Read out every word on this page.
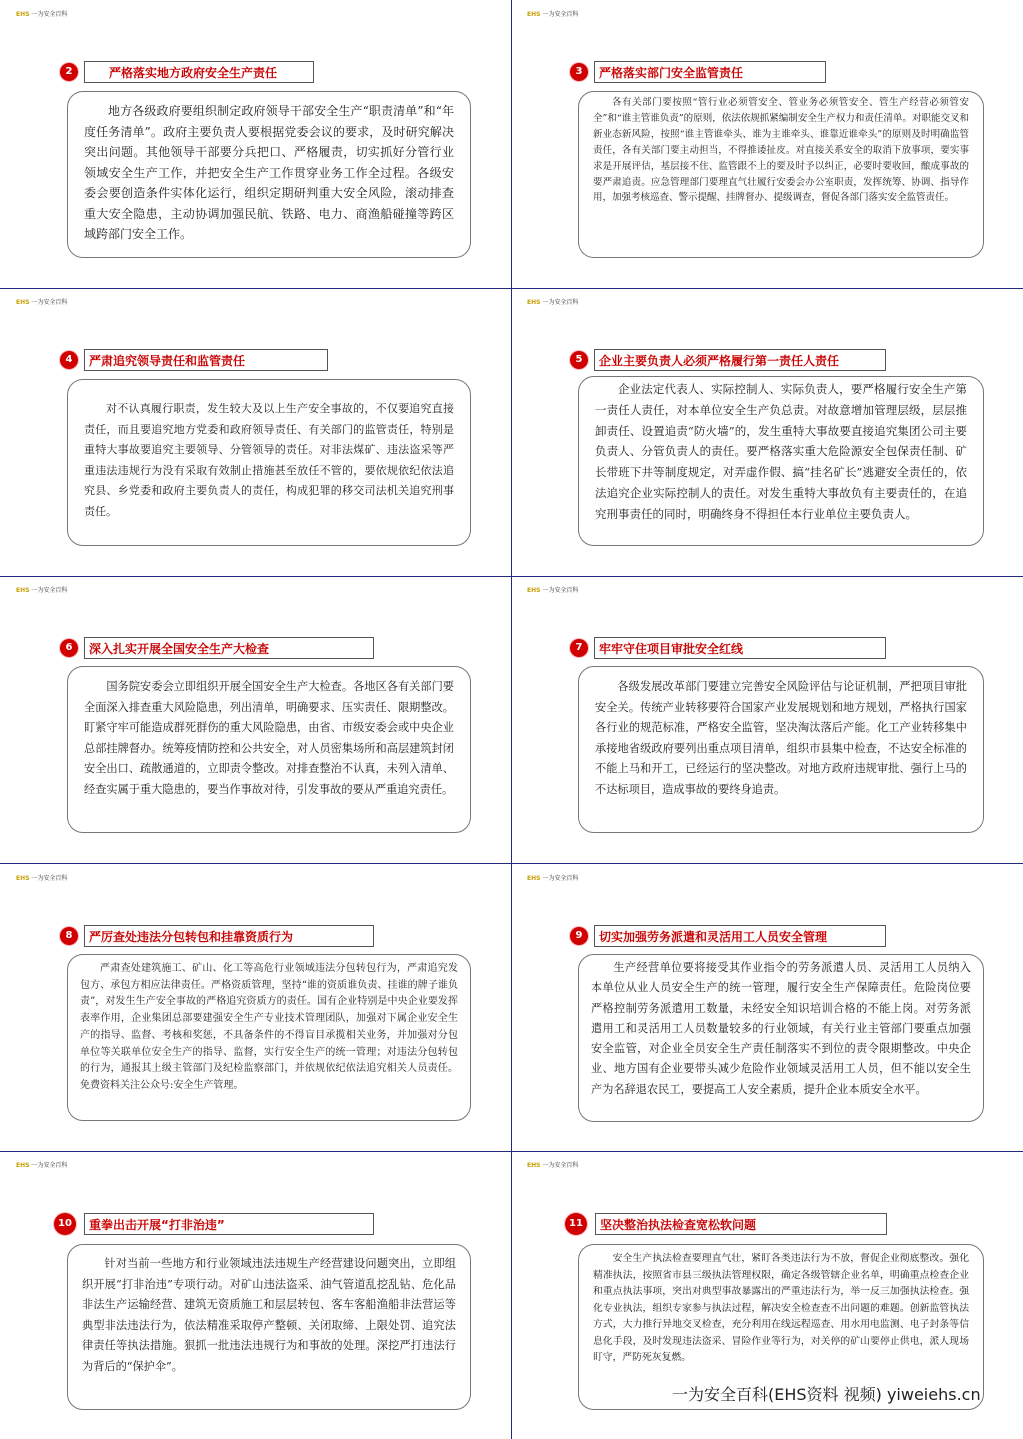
EHS 一为安全百科	EHS 一为安全百科
EHS 一为安全百科	EHS 一为安全百科
EHS 一为安全百科	EHS 一为安全百科
EHS 一为安全百科	EHS 一为安全百科
EHS 一为安全百科	EHS 一为安全百科
2	严格落实地方政府安全生产责任

地方各级政府要组织制定政府领导干部安全生产“职责清单”和“年度任务清单”。政府主要负责人要根据党委会议的要求，及时研究解决突出问题。其他领导干部要分兵把口、严格履责，切实抓好分管行业领域安全生产工作，并把安全生产工作贯穿业务工作全过程。各级安委会要创造条件实体化运行，组织定期研判重大安全风险，滚动排查重大安全隐患，主动协调加强民航、铁路、电力、商渔船碰撞等跨区域跨部门安全工作。

3	严格落实部门安全监管责任

各有关部门要按照“管行业必须管安全、管业务必须管安全、管生产经营必须管安全”和“谁主管谁负责”的原则，依法依规抓紧编制安全生产权力和责任清单。对职能交叉和新业态新风险，按照“谁主管谁牵头、谁为主谁牵头、谁靠近谁牵头”的原则及时明确监管责任，各有关部门要主动担当，不得推诿扯皮。对直接关系安全的取消下放事项，要实事求是开展评估，基层接不住、监管跟不上的要及时予以纠正，必要时要收回，酿成事故的要严肃追责。应急管理部门要理直气壮履行安委会办公室职责，发挥统筹、协调、指导作用，加强考核巡查、警示提醒、挂牌督办、提级调查，督促各部门落实安全监管责任。

4	严肃追究领导责任和监管责任

对不认真履行职责，发生较大及以上生产安全事故的，不仅要追究直接责任，而且要追究地方党委和政府领导责任、有关部门的监管责任，特别是重特大事故要追究主要领导、分管领导的责任。对非法煤矿、违法盗采等严重违法违规行为没有采取有效制止措施甚至放任不管的，要依规依纪依法追究县、乡党委和政府主要负责人的责任，构成犯罪的移交司法机关追究刑事责任。

5	企业主要负责人必须严格履行第一责任人责任

企业法定代表人、实际控制人、实际负责人，要严格履行安全生产第一责任人责任，对本单位安全生产负总责。对故意增加管理层级，层层推卸责任、设置追责“防火墙”的，发生重特大事故要直接追究集团公司主要负责人、分管负责人的责任。要严格落实重大危险源安全包保责任制、矿长带班下井等制度规定，对弄虚作假、搞“挂名矿长”逃避安全责任的，依法追究企业实际控制人的责任。对发生重特大事故负有主要责任的，在追究刑事责任的同时，明确终身不得担任本行业单位主要负责人。

6	深入扎实开展全国安全生产大检查

国务院安委会立即组织开展全国安全生产大检查。各地区各有关部门要全面深入排查重大风险隐患，列出清单，明确要求、压实责任、限期整改。盯紧守牢可能造成群死群伤的重大风险隐患，由省、市级安委会或中央企业总部挂牌督办。统筹疫情防控和公共安全，对人员密集场所和高层建筑封闭安全出口、疏散通道的，立即责令整改。对排查整治不认真，未列入清单、经查实属于重大隐患的，要当作事故对待，引发事故的要从严重追究责任。

7	牢牢守住项目审批安全红线

各级发展改革部门要建立完善安全风险评估与论证机制，严把项目审批安全关。传统产业转移要符合国家产业发展规划和地方规划，严格执行国家各行业的规范标准，严格安全监管，坚决淘汰落后产能。化工产业转移集中承接地省级政府要列出重点项目清单，组织市县集中检查，不达安全标准的不能上马和开工，已经运行的坚决整改。对地方政府违规审批、强行上马的不达标项目，造成事故的要终身追责。

8	严厉查处违法分包转包和挂靠资质行为

严肃查处建筑施工、矿山、化工等高危行业领域违法分包转包行为，严肃追究发包方、承包方相应法律责任。严格资质管理，坚持“谁的资质谁负责、挂谁的牌子谁负责”，对发生生产安全事故的严格追究资质方的责任。国有企业特别是中央企业要发挥表率作用，企业集团总部要建强安全生产专业技术管理团队，加强对下属企业安全生产的指导、监督、考核和奖惩，不具备条件的不得盲目承揽相关业务，并加强对分包单位等关联单位安全生产的指导、监督，实行安全生产的统一管理；对违法分包转包的行为，通报其上级主管部门及纪检监察部门，并依规依纪依法追究相关人员责任。免费资料关注公众号:安全生产管理。

9	切实加强劳务派遣和灵活用工人员安全管理

生产经营单位要将接受其作业指令的劳务派遣人员、灵活用工人员纳入本单位从业人员安全生产的统一管理，履行安全生产保障责任。危险岗位要严格控制劳务派遣用工数量，未经安全知识培训合格的不能上岗。对劳务派遣用工和灵活用工人员数量较多的行业领域，有关行业主管部门要重点加强安全监管，对企业全员安全生产责任制落实不到位的责令限期整改。中央企业、地方国有企业要带头减少危险作业领域灵活用工人员，但不能以安全生产为名辞退农民工，要提高工人安全素质，提升企业本质安全水平。

10	重拳出击开展“打非治违”

针对当前一些地方和行业领域违法违规生产经营建设问题突出，立即组织开展“打非治违”专项行动。对矿山违法盗采、油气管道乱挖乱钻、危化品非法生产运输经营、建筑无资质施工和层层转包、客车客船渔船非法营运等典型非法违法行为，依法精准采取停产整顿、关闭取缔、上限处罚、追究法律责任等执法措施。狠抓一批违法违规行为和事故的处理。深挖严打违法行为背后的“保护伞”。

11	坚决整治执法检查宽松软问题

安全生产执法检查要理直气壮，紧盯各类违法行为不放，督促企业彻底整改。强化精准执法，按照省市县三级执法管理权限，确定各级管辖企业名单，明确重点检查企业和重点执法事项，突出对典型事故暴露出的严重违法行为，举一反三加强执法检查。强化专业执法，组织专家参与执法过程，解决安全检查查不出问题的难题。创新监管执法方式，大力推行异地交叉检查，充分利用在线远程巡查、用水用电监测、电子封条等信息化手段，及时发现违法盗采、冒险作业等行为，对关停的矿山要停止供电，派人现场盯守，严防死灰复燃。

一为安全百科(EHS资料 视频) yiweiehs.cn
